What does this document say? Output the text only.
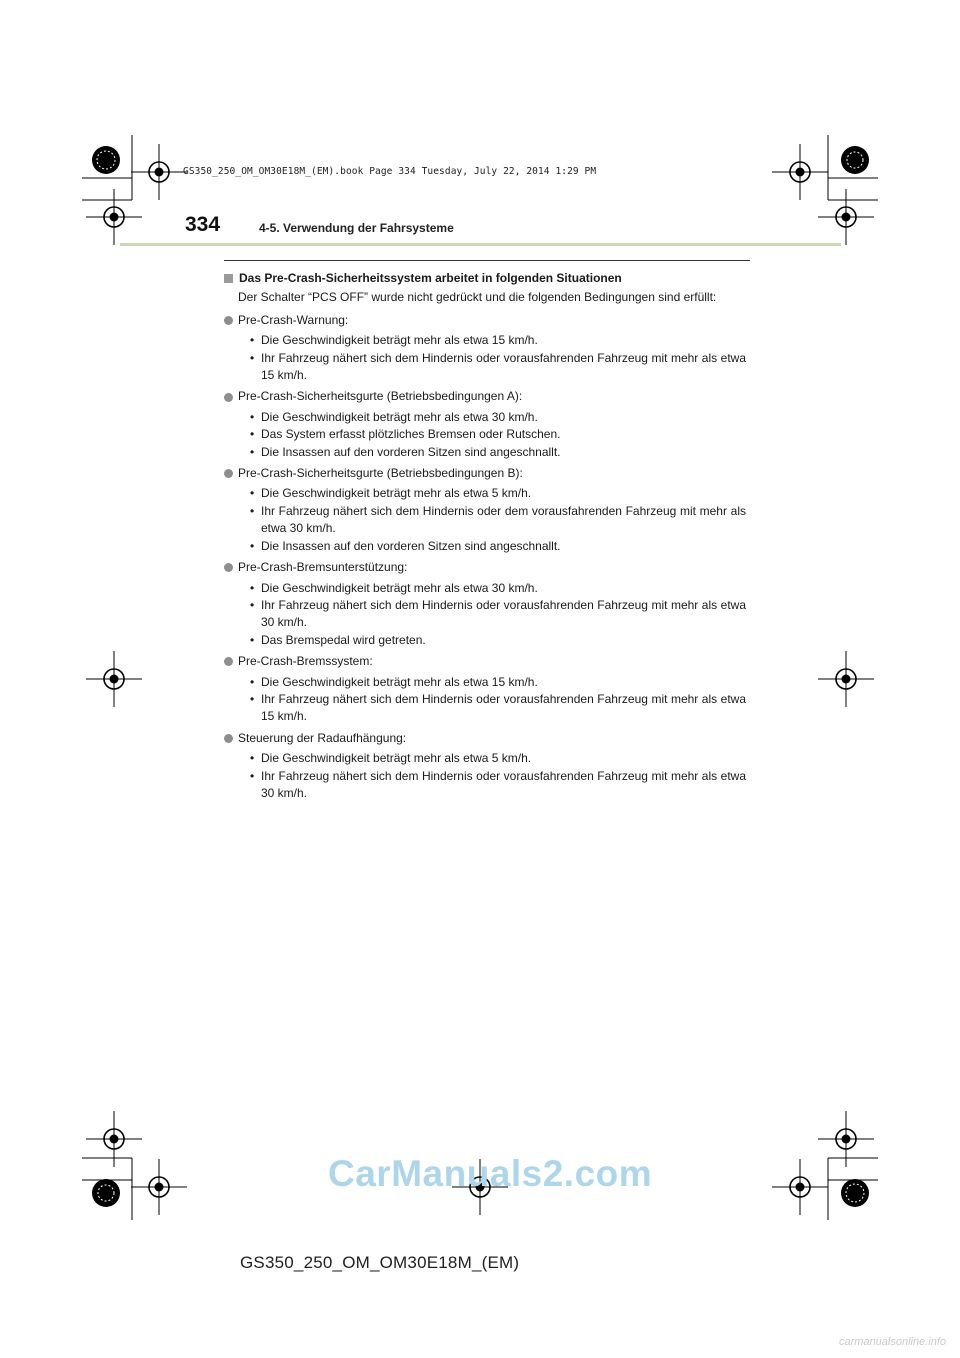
GS350_250_OM_OM30E18M_(EM).book Page 334 Tuesday, July 22, 2014 1:29 PM
334	4-5. Verwendung der Fahrsysteme
Das Pre-Crash-Sicherheitssystem arbeitet in folgenden Situationen
Der Schalter “PCS OFF” wurde nicht gedrückt und die folgenden Bedingungen sind erfüllt:
Pre-Crash-Warnung:
• Die Geschwindigkeit beträgt mehr als etwa 15 km/h.
• Ihr Fahrzeug nähert sich dem Hindernis oder vorausfahrenden Fahrzeug mit mehr als etwa 15 km/h.
Pre-Crash-Sicherheitsgurte (Betriebsbedingungen A):
• Die Geschwindigkeit beträgt mehr als etwa 30 km/h.
• Das System erfasst plötzliches Bremsen oder Rutschen.
• Die Insassen auf den vorderen Sitzen sind angeschnallt.
Pre-Crash-Sicherheitsgurte (Betriebsbedingungen B):
• Die Geschwindigkeit beträgt mehr als etwa 5 km/h.
• Ihr Fahrzeug nähert sich dem Hindernis oder dem vorausfahrenden Fahrzeug mit mehr als etwa 30 km/h.
• Die Insassen auf den vorderen Sitzen sind angeschnallt.
Pre-Crash-Bremsunterstützung:
• Die Geschwindigkeit beträgt mehr als etwa 30 km/h.
• Ihr Fahrzeug nähert sich dem Hindernis oder vorausfahrenden Fahrzeug mit mehr als etwa 30 km/h.
• Das Bremspedal wird getreten.
Pre-Crash-Bremssystem:
• Die Geschwindigkeit beträgt mehr als etwa 15 km/h.
• Ihr Fahrzeug nähert sich dem Hindernis oder vorausfahrenden Fahrzeug mit mehr als etwa 15 km/h.
Steuerung der Radaufhängung:
• Die Geschwindigkeit beträgt mehr als etwa 5 km/h.
• Ihr Fahrzeug nähert sich dem Hindernis oder vorausfahrenden Fahrzeug mit mehr als etwa 30 km/h.
CarManuals2.com
GS350_250_OM_OM30E18M_(EM)
carmanualsonline.info
